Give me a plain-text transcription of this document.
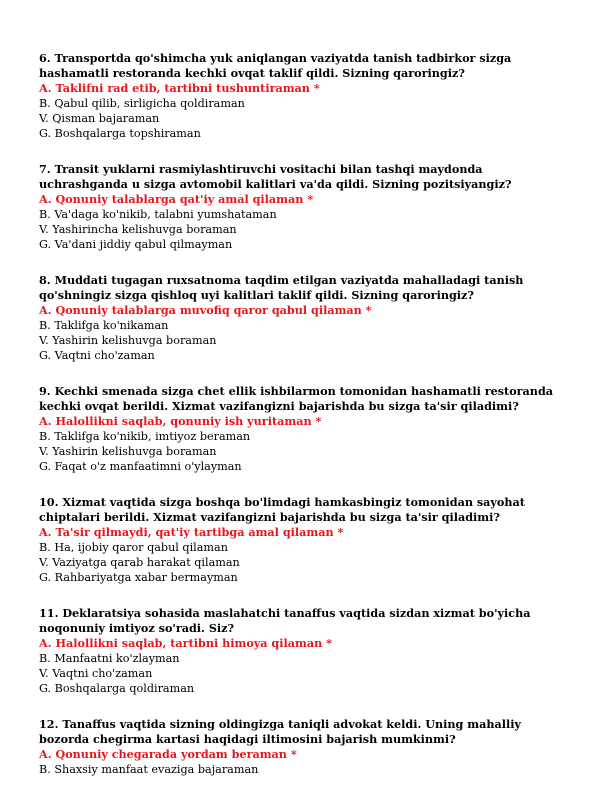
6. Transportda qo'shimcha yuk aniqlangan vaziyatda tanish tadbirkor sizga hashamatli restoranda kechki ovqat taklif qildi. Sizning qaroringiz?

A. Taklifni rad etib, tartibni tushuntiraman *

B. Qabul qilib, sirligicha qoldiraman

V. Qisman bajaraman

G. Boshqalarga topshiraman

7. Transit yuklarni rasmiylashtiruvchi vositachi bilan tashqi maydonda uchrashganda u sizga avtomobil kalitlari va'da qildi. Sizning pozitsiyangiz?

A. Qonuniy talablarga qat'iy amal qilaman *

B. Va'daga ko'nikib, talabni yumshataman

V. Yashirincha kelishuvga boraman

G. Va'dani jiddiy qabul qilmayman

8. Muddati tugagan ruxsatnoma taqdim etilgan vaziyatda mahalladagi tanish qo'shningiz sizga qishloq uyi kalitlari taklif qildi. Sizning qaroringiz?

A. Qonuniy talablarga muvofiq qaror qabul qilaman *

B. Taklifga ko'nikaman

V. Yashirin kelishuvga boraman

G. Vaqtni cho'zaman

9. Kechki smenada sizga chet ellik ishbilarmon tomonidan hashamatli restoranda kechki ovqat berildi. Xizmat vazifangizni bajarishda bu sizga ta'sir qiladimi?

A. Halollikni saqlab, qonuniy ish yuritaman *

B. Taklifga ko'nikib, imtiyoz beraman

V. Yashirin kelishuvga boraman

G. Faqat o'z manfaatimni o'ylayman

10. Xizmat vaqtida sizga boshqa bo'limdagi hamkasbingiz tomonidan sayohat chiptalari berildi. Xizmat vazifangizni bajarishda bu sizga ta'sir qiladimi?

A. Ta'sir qilmaydi, qat'iy tartibga amal qilaman *

B. Ha, ijobiy qaror qabul qilaman

V. Vaziyatga qarab harakat qilaman

G. Rahbariyatga xabar bermayman

11. Deklaratsiya sohasida maslahatchi tanaffus vaqtida sizdan xizmat bo'yicha noqonuniy imtiyoz so'radi. Siz?

A. Halollikni saqlab, tartibni himoya qilaman *

B. Manfaatni ko'zlayman

V. Vaqtni cho'zaman

G. Boshqalarga qoldiraman

12. Tanaffus vaqtida sizning oldingizga taniqli advokat keldi. Uning mahalliy bozorda chegirma kartasi haqidagi iltimosini bajarish mumkinmi?

A. Qonuniy chegarada yordam beraman *

B. Shaxsiy manfaat evaziga bajaraman
